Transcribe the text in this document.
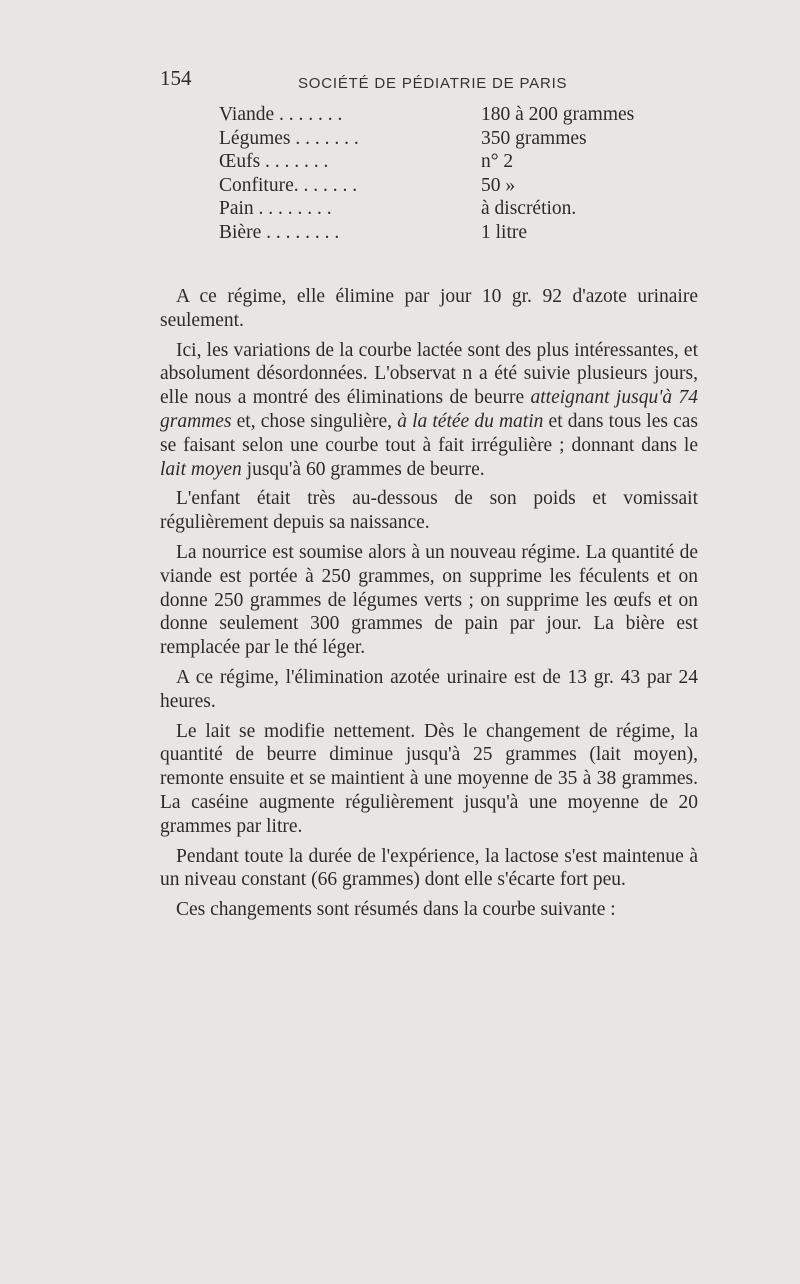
154	SOCIÉTÉ DE PÉDIATRIE DE PARIS
Viande . . . . . . .	180 à 200 grammes
Légumes . . . . . . .	350 grammes
Œufs . . . . . . .	n° 2
Confiture. . . . . . .	50 »
Pain . . . . . . . .	à discrétion.
Bière . . . . . . . .	1 litre

A ce régime, elle élimine par jour 10 gr. 92 d'azote urinaire seulement.

Ici, les variations de la courbe lactée sont des plus intéressantes, et absolument désordonnées. L'observat n a été suivie plusieurs jours, elle nous a montré des éliminations de beurre atteignant jusqu'à 74 grammes et, chose singulière, à la tétée du matin et dans tous les cas se faisant selon une courbe tout à fait irrégulière ; donnant dans le lait moyen jusqu'à 60 grammes de beurre.

L'enfant était très au-dessous de son poids et vomissait régulièrement depuis sa naissance.

La nourrice est soumise alors à un nouveau régime. La quantité de viande est portée à 250 grammes, on supprime les féculents et on donne 250 grammes de légumes verts ; on supprime les œufs et on donne seulement 300 grammes de pain par jour. La bière est remplacée par le thé léger.

A ce régime, l'élimination azotée urinaire est de 13 gr. 43 par 24 heures.

Le lait se modifie nettement. Dès le changement de régime, la quantité de beurre diminue jusqu'à 25 grammes (lait moyen), remonte ensuite et se maintient à une moyenne de 35 à 38 grammes. La caséine augmente régulièrement jusqu'à une moyenne de 20 grammes par litre.

Pendant toute la durée de l'expérience, la lactose s'est maintenue à un niveau constant (66 grammes) dont elle s'écarte fort peu.

Ces changements sont résumés dans la courbe suivante :
